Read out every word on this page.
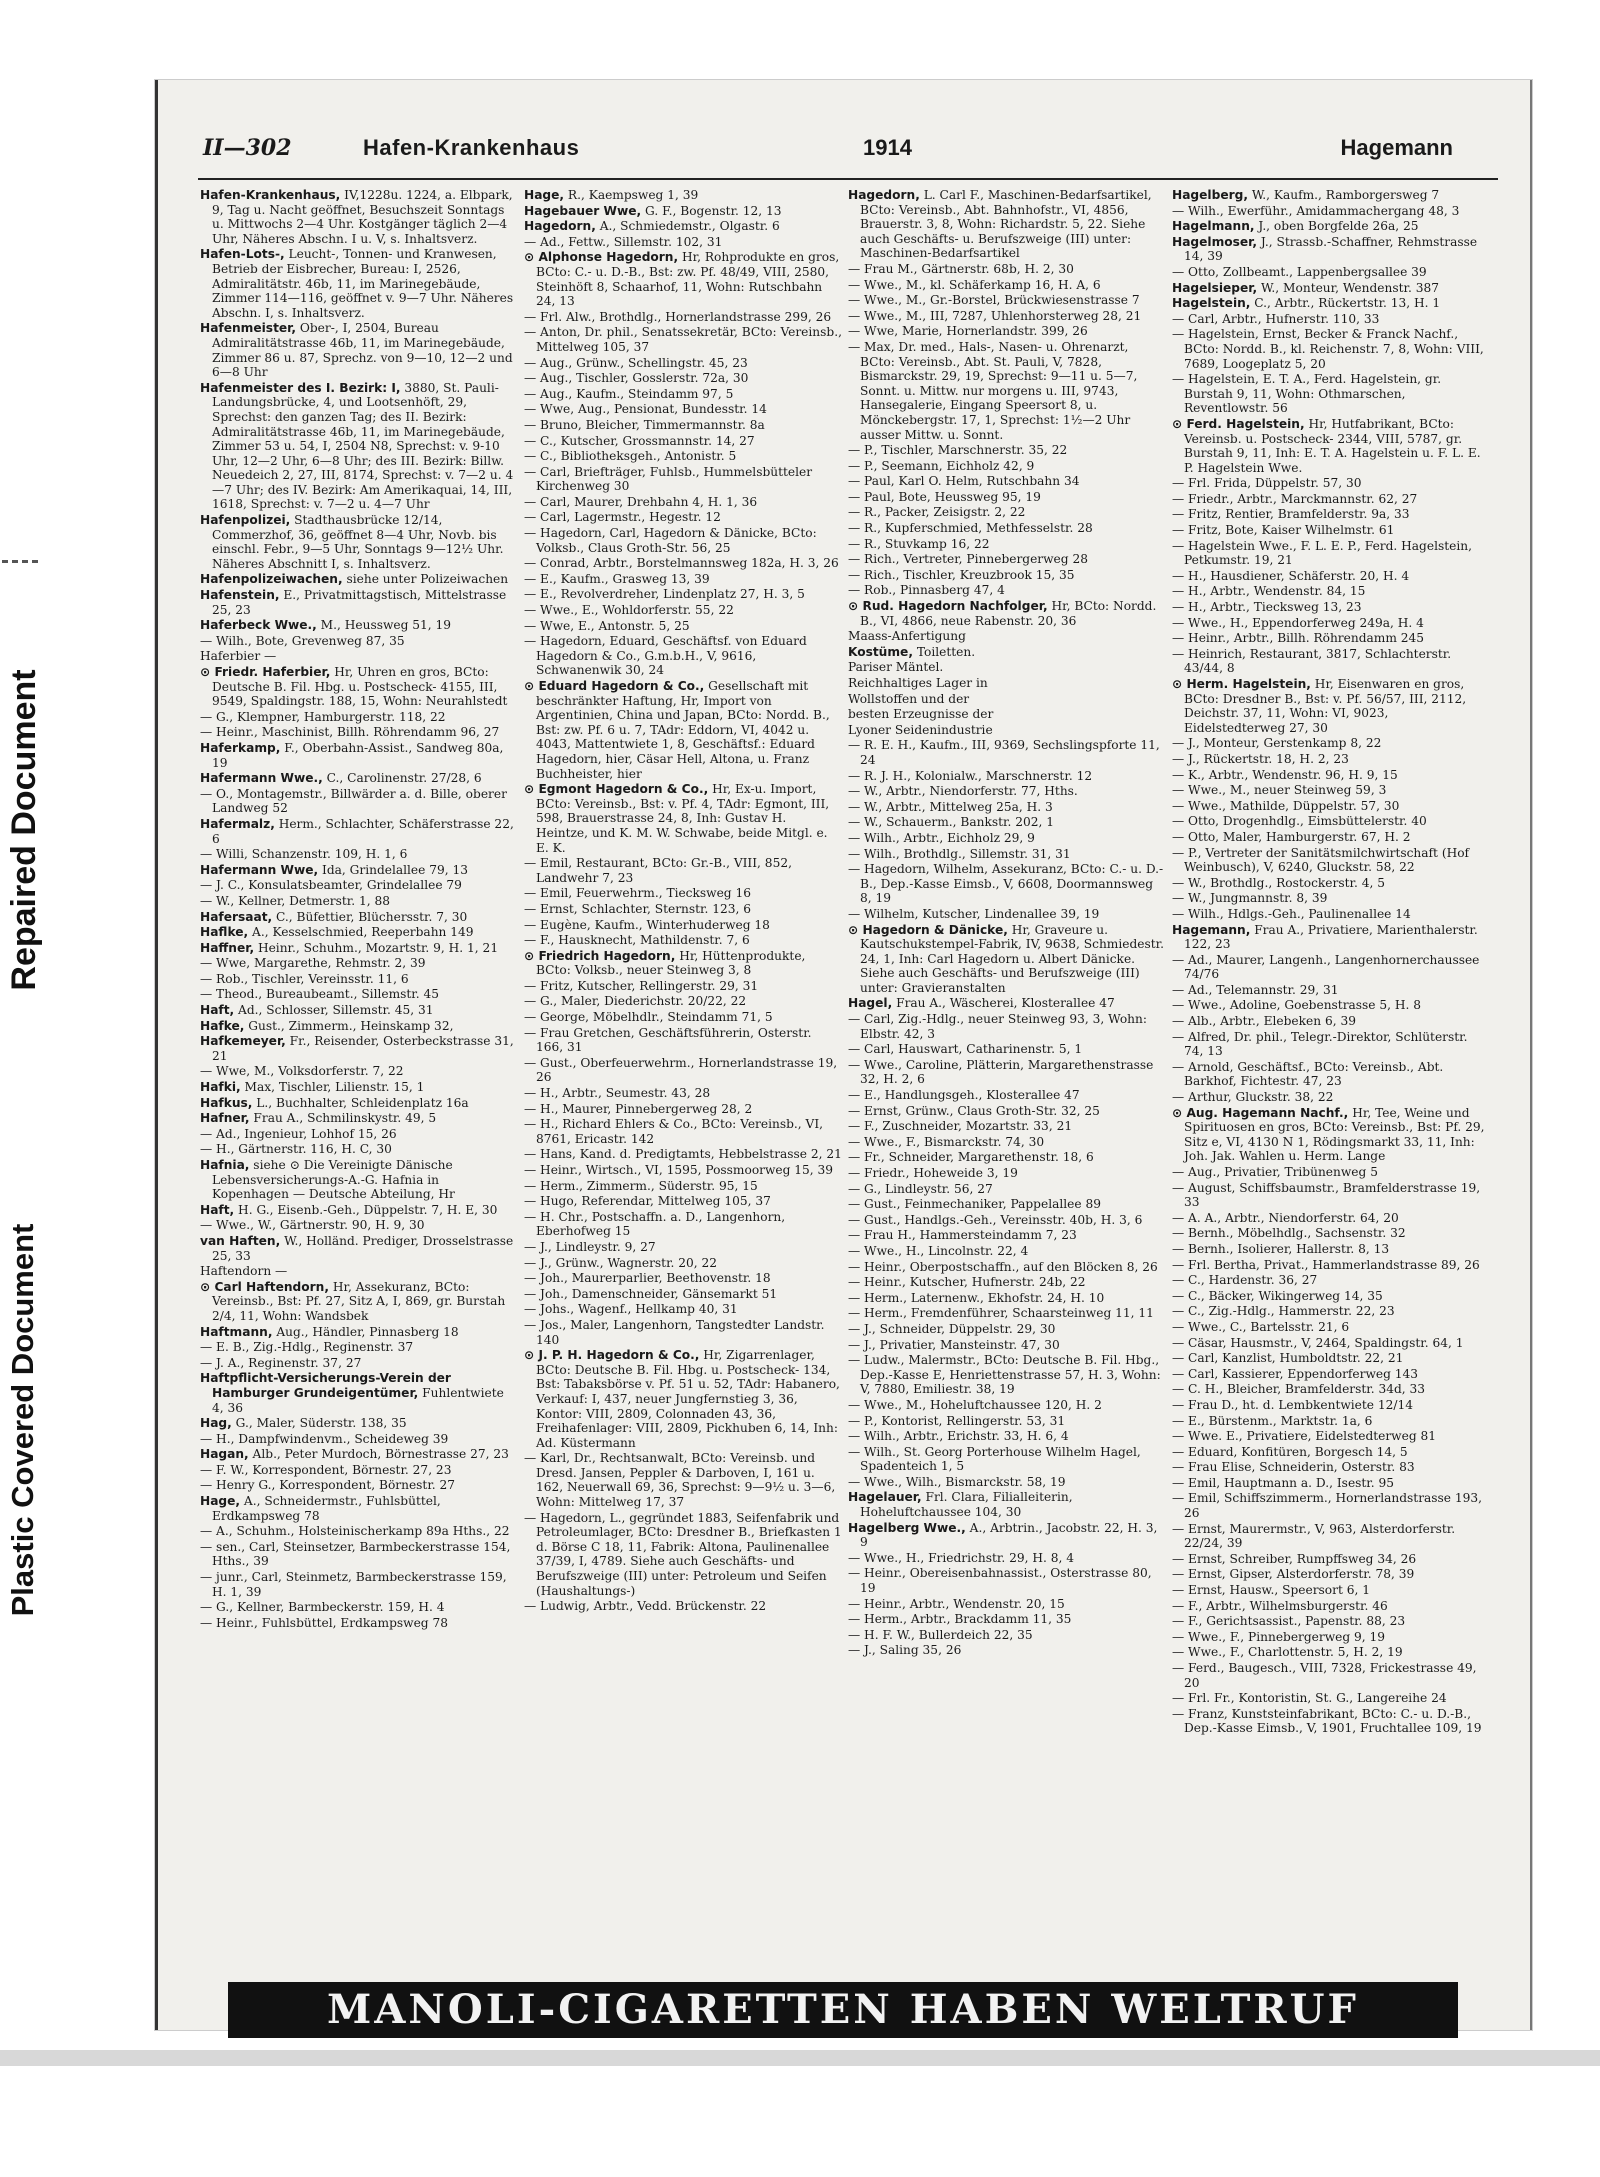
Repaired Document
Plastic Covered Document
II—302	Hafen-Krankenhaus	1914	Hagemann
Hafen-Krankenhaus, IV,1228u. 1224, a. Elbpark, 9, Tag u. Nacht geöffnet, Besuchszeit Sonntags u. Mittwochs 2—4 Uhr. Kostgänger täglich 2—4 Uhr, Näheres Abschn. I u. V, s. Inhaltsverz.
Hafen-Lots-, Leucht-, Tonnen- und Kranwesen, Betrieb der Eisbrecher, Bureau: I, 2526, Admiralitätstr. 46b, 11, im Marinegebäude, Zimmer 114—116, geöffnet v. 9—7 Uhr. Näheres Abschn. I, s. Inhaltsverz.
Hafenmeister, Ober-, I, 2504, Bureau Admiralitätstrasse 46b, 11, im Marinegebäude, Zimmer 86 u. 87, Sprechz. von 9—10, 12—2 und 6—8 Uhr
Hafenmeister des I. Bezirk: I, 3880, St. Pauli-Landungsbrücke, 4, und Lootsenhöft, 29, Sprechst: den ganzen Tag; des II. Bezirk: Admiralitätstrasse 46b, 11, im Marinegebäude, Zimmer 53 u. 54, I, 2504 N8, Sprechst: v. 9-10 Uhr, 12—2 Uhr, 6—8 Uhr; des III. Bezirk: Billw. Neuedeich 2, 27, III, 8174, Sprechst: v. 7—2 u. 4—7 Uhr; des IV. Bezirk: Am Amerikaquai, 14, III, 1618, Sprechst: v. 7—2 u. 4—7 Uhr
Hafenpolizei, Stadthausbrücke 12/14, Commerzhof, 36, geöffnet 8—4 Uhr, Novb. bis einschl. Febr., 9—5 Uhr, Sonntags 9—12½ Uhr. Näheres Abschnitt I, s. Inhaltsverz.
Hafenpolizeiwachen, siehe unter Polizeiwachen
Hafenstein, E., Privatmittagstisch, Mittelstrasse 25, 23
Haferbeck Wwe., M., Heussweg 51, 19
— Wilh., Bote, Grevenweg 87, 35
Haferbier —
⊙ Friedr. Haferbier, Hr, Uhren en gros, BCto: Deutsche B. Fil. Hbg. u. Postscheck- 4155, III, 9549, Spaldingstr. 188, 15, Wohn: Neurahlstedt
— G., Klempner, Hamburgerstr. 118, 22
— Heinr., Maschinist, Billh. Röhrendamm 96, 27
Haferkamp, F., Oberbahn-Assist., Sandweg 80a, 19
Hafermann Wwe., C., Carolinenstr. 27/28, 6
— O., Montagemstr., Billwärder a. d. Bille, oberer Landweg 52
Hafermalz, Herm., Schlachter, Schäferstrasse 22, 6
— Willi, Schanzenstr. 109, H. 1, 6
Hafermann Wwe, Ida, Grindelallee 79, 13
— J. C., Konsulatsbeamter, Grindelallee 79
— W., Kellner, Detmerstr. 1, 88
Hafersaat, C., Büfettier, Blüchersstr. 7, 30
Haflke, A., Kesselschmied, Reeperbahn 149
Haffner, Heinr., Schuhm., Mozartstr. 9, H. 1, 21
— Wwe, Margarethe, Rehmstr. 2, 39
— Rob., Tischler, Vereinsstr. 11, 6
— Theod., Bureaubeamt., Sillemstr. 45
Haft, Ad., Schlosser, Sillemstr. 45, 31
Hafke, Gust., Zimmerm., Heinskamp 32,
Hafkemeyer, Fr., Reisender, Osterbeckstrasse 31, 21
— Wwe, M., Volksdorferstr. 7, 22
Hafki, Max, Tischler, Lilienstr. 15, 1
Hafkus, L., Buchhalter, Schleidenplatz 16a
Hafner, Frau A., Schmilinskystr. 49, 5
— Ad., Ingenieur, Lohhof 15, 26
— H., Gärtnerstr. 116, H. C, 30
Hafnia, siehe ⊙ Die Vereinigte Dänische Lebensversicherungs-A.-G. Hafnia in Kopenhagen — Deutsche Abteilung, Hr
Haft, H. G., Eisenb.-Geh., Düppelstr. 7, H. E, 30
— Wwe., W., Gärtnerstr. 90, H. 9, 30
van Haften, W., Holländ. Prediger, Drosselstrasse 25, 33
Haftendorn —
⊙ Carl Haftendorn, Hr, Assekuranz, BCto: Vereinsb., Bst: Pf. 27, Sitz A, I, 869, gr. Burstah 2/4, 11, Wohn: Wandsbek
Haftmann, Aug., Händler, Pinnasberg 18
— E. B., Zig.-Hdlg., Reginenstr. 37
— J. A., Reginenstr. 37, 27
Haftpflicht-Versicherungs-Verein der Hamburger Grundeigentümer, Fuhlentwiete 4, 36
Hag, G., Maler, Süderstr. 138, 35
— H., Dampfwindenvm., Scheideweg 39
Hagan, Alb., Peter Murdoch, Börnestrasse 27, 23
— F. W., Korrespondent, Börnestr. 27, 23
— Henry G., Korrespondent, Börnestr. 27
Hage, A., Schneidermstr., Fuhlsbüttel, Erdkampsweg 78
— A., Schuhm., Holsteinischerkamp 89a Hths., 22
— sen., Carl, Steinsetzer, Barmbeckerstrasse 154, Hths., 39
— junr., Carl, Steinmetz, Barmbeckerstrasse 159, H. 1, 39
— G., Kellner, Barmbeckerstr. 159, H. 4
— Heinr., Fuhlsbüttel, Erdkampsweg 78
Hage, R., Kaempsweg 1, 39
Hagebauer Wwe, G. F., Bogenstr. 12, 13
Hagedorn, A., Schmiedemstr., Olgastr. 6
— Ad., Fettw., Sillemstr. 102, 31
⊙ Alphonse Hagedorn, Hr, Rohprodukte en gros, BCto: C.- u. D.-B., Bst: zw. Pf. 48/49, VIII, 2580, Steinhöft 8, Schaarhof, 11, Wohn: Rutschbahn 24, 13
— Frl. Alw., Brothdlg., Hornerlandstrasse 299, 26
— Anton, Dr. phil., Senatssekretär, BCto: Vereinsb., Mittelweg 105, 37
— Aug., Grünw., Schellingstr. 45, 23
— Aug., Tischler, Gosslerstr. 72a, 30
— Aug., Kaufm., Steindamm 97, 5
— Wwe, Aug., Pensionat, Bundesstr. 14
— Bruno, Bleicher, Timmermannstr. 8a
— C., Kutscher, Grossmannstr. 14, 27
— C., Bibliotheksgeh., Antonistr. 5
— Carl, Briefträger, Fuhlsb., Hummelsbütteler Kirchenweg 30
— Carl, Maurer, Drehbahn 4, H. 1, 36
— Carl, Lagermstr., Hegestr. 12
— Hagedorn, Carl, Hagedorn & Dänicke, BCto: Volksb., Claus Groth-Str. 56, 25
— Conrad, Arbtr., Borstelmannsweg 182a, H. 3, 26
— E., Kaufm., Grasweg 13, 39
— E., Revolverdreher, Lindenplatz 27, H. 3, 5
— Wwe., E., Wohldorferstr. 55, 22
— Wwe, E., Antonstr. 5, 25
— Hagedorn, Eduard, Geschäftsf. von Eduard Hagedorn & Co., G.m.b.H., V, 9616, Schwanenwik 30, 24
⊙ Eduard Hagedorn & Co., Gesellschaft mit beschränkter Haftung, Hr, Import von Argentinien, China und Japan, BCto: Nordd. B., Bst: zw. Pf. 6 u. 7, TAdr: Eddorn, VI, 4042 u. 4043, Mattentwiete 1, 8, Geschäftsf.: Eduard Hagedorn, hier, Cäsar Hell, Altona, u. Franz Buchheister, hier
⊙ Egmont Hagedorn & Co., Hr, Ex-u. Import, BCto: Vereinsb., Bst: v. Pf. 4, TAdr: Egmont, III, 598, Brauerstrasse 24, 8, Inh: Gustav H. Heintze, und K. M. W. Schwabe, beide Mitgl. e. E. K.
— Emil, Restaurant, BCto: Gr.-B., VIII, 852, Landwehr 7, 23
— Emil, Feuerwehrm., Tiecksweg 16
— Ernst, Schlachter, Sternstr. 123, 6
— Eugène, Kaufm., Winterhuderweg 18
— F., Hausknecht, Mathildenstr. 7, 6
⊙ Friedrich Hagedorn, Hr, Hüttenprodukte, BCto: Volksb., neuer Steinweg 3, 8
— Fritz, Kutscher, Rellingerstr. 29, 31
— G., Maler, Diederichstr. 20/22, 22
— George, Möbelhdlr., Steindamm 71, 5
— Frau Gretchen, Geschäftsführerin, Osterstr. 166, 31
— Gust., Oberfeuerwehrm., Hornerlandstrasse 19, 26
— H., Arbtr., Seumestr. 43, 28
— H., Maurer, Pinnebergerweg 28, 2
— H., Richard Ehlers & Co., BCto: Vereinsb., VI, 8761, Ericastr. 142
— Hans, Kand. d. Predigtamts, Hebbelstrasse 2, 21
— Heinr., Wirtsch., VI, 1595, Possmoorweg 15, 39
— Herm., Zimmerm., Süderstr. 95, 15
— Hugo, Referendar, Mittelweg 105, 37
— H. Chr., Postschaffn. a. D., Langenhorn, Eberhofweg 15
— J., Lindleystr. 9, 27
— J., Grünw., Wagnerstr. 20, 22
— Joh., Maurerparlier, Beethovenstr. 18
— Joh., Damenschneider, Gänsemarkt 51
— Johs., Wagenf., Hellkamp 40, 31
— Jos., Maler, Langenhorn, Tangstedter Landstr. 140
⊙ J. P. H. Hagedorn & Co., Hr, Zigarrenlager, BCto: Deutsche B. Fil. Hbg. u. Postscheck- 134, Bst: Tabaksbörse v. Pf. 51 u. 52, TAdr: Habanero, Verkauf: I, 437, neuer Jungfernstieg 3, 36, Kontor: VIII, 2809, Colonnaden 43, 36, Freihafenlager: VIII, 2809, Pickhuben 6, 14, Inh: Ad. Küstermann
— Karl, Dr., Rechtsanwalt, BCto: Vereinsb. und Dresd. Jansen, Peppler & Darboven, I, 161 u. 162, Neuerwall 69, 36, Sprechst: 9—9½ u. 3—6, Wohn: Mittelweg 17, 37
— Hagedorn, L., gegründet 1883, Seifenfabrik und Petroleumlager, BCto: Dresdner B., Briefkasten 1 d. Börse C 18, 11, Fabrik: Altona, Paulinenallee 37/39, I, 4789. Siehe auch Geschäfts- und Berufszweige (III) unter: Petroleum und Seifen (Haushaltungs-)
— Ludwig, Arbtr., Vedd. Brückenstr. 22
Hagedorn, L. Carl F., Maschinen-Bedarfsartikel, BCto: Vereinsb., Abt. Bahnhofstr., VI, 4856, Brauerstr. 3, 8, Wohn: Richardstr. 5, 22. Siehe auch Geschäfts- u. Berufszweige (III) unter: Maschinen-Bedarfsartikel
— Frau M., Gärtnerstr. 68b, H. 2, 30
— Wwe., M., kl. Schäferkamp 16, H. A, 6
— Wwe., M., Gr.-Borstel, Brückwiesenstrasse 7
— Wwe., M., III, 7287, Uhlenhorsterweg 28, 21
— Wwe, Marie, Hornerlandstr. 399, 26
— Max, Dr. med., Hals-, Nasen- u. Ohrenarzt, BCto: Vereinsb., Abt. St. Pauli, V, 7828, Bismarckstr. 29, 19, Sprechst: 9—11 u. 5—7, Sonnt. u. Mittw. nur morgens u. III, 9743, Hansegalerie, Eingang Speersort 8, u. Mönckebergstr. 17, 1, Sprechst: 1½—2 Uhr ausser Mittw. u. Sonnt.
— P., Tischler, Marschnerstr. 35, 22
— P., Seemann, Eichholz 42, 9
— Paul, Karl O. Helm, Rutschbahn 34
— Paul, Bote, Heussweg 95, 19
— R., Packer, Zeisigstr. 2, 22
— R., Kupferschmied, Methfesselstr. 28
— R., Stuvkamp 16, 22
— Rich., Vertreter, Pinnebergerweg 28
— Rich., Tischler, Kreuzbrook 15, 35
— Rob., Pinnasberg 47, 4
⊙ Rud. Hagedorn Nachfolger, Hr, BCto: Nordd. B., VI, 4866, neue Rabenstr. 20, 36
Maass-Anfertigung
Kostüme, Toiletten.
Pariser Mäntel.
Reichhaltiges Lager in
Wollstoffen und der
besten Erzeugnisse der
Lyoner Seidenindustrie
— R. E. H., Kaufm., III, 9369, Sechslingspforte 11, 24
— R. J. H., Kolonialw., Marschnerstr. 12
— W., Arbtr., Niendorferstr. 77, Hths.
— W., Arbtr., Mittelweg 25a, H. 3
— W., Schauerm., Bankstr. 202, 1
— Wilh., Arbtr., Eichholz 29, 9
— Wilh., Brothdlg., Sillemstr. 31, 31
— Hagedorn, Wilhelm, Assekuranz, BCto: C.- u. D.-B., Dep.-Kasse Eimsb., V, 6608, Doormannsweg 8, 19
— Wilhelm, Kutscher, Lindenallee 39, 19
⊙ Hagedorn & Dänicke, Hr, Graveure u. Kautschukstempel-Fabrik, IV, 9638, Schmiedestr. 24, 1, Inh: Carl Hagedorn u. Albert Dänicke. Siehe auch Geschäfts- und Berufszweige (III) unter: Gravieranstalten
Hagel, Frau A., Wäscherei, Klosterallee 47
— Carl, Zig.-Hdlg., neuer Steinweg 93, 3, Wohn: Elbstr. 42, 3
— Carl, Hauswart, Catharinenstr. 5, 1
— Wwe., Caroline, Plätterin, Margarethenstrasse 32, H. 2, 6
— E., Handlungsgeh., Klosterallee 47
— Ernst, Grünw., Claus Groth-Str. 32, 25
— F., Zuschneider, Mozartstr. 33, 21
— Wwe., F., Bismarckstr. 74, 30
— Fr., Schneider, Margarethenstr. 18, 6
— Friedr., Hoheweide 3, 19
— G., Lindleystr. 56, 27
— Gust., Feinmechaniker, Pappelallee 89
— Gust., Handlgs.-Geh., Vereinsstr. 40b, H. 3, 6
— Frau H., Hammersteindamm 7, 23
— Wwe., H., Lincolnstr. 22, 4
— Heinr., Oberpostschaffn., auf den Blöcken 8, 26
— Heinr., Kutscher, Hufnerstr. 24b, 22
— Herm., Laternenw., Ekhofstr. 24, H. 10
— Herm., Fremdenführer, Schaarsteinweg 11, 11
— J., Schneider, Düppelstr. 29, 30
— J., Privatier, Mansteinstr. 47, 30
— Ludw., Malermstr., BCto: Deutsche B. Fil. Hbg., Dep.-Kasse E, Henriettenstrasse 57, H. 3, Wohn: V, 7880, Emiliestr. 38, 19
— Wwe., M., Hoheluftchaussee 120, H. 2
— P., Kontorist, Rellingerstr. 53, 31
— Wilh., Arbtr., Erichstr. 33, H. 6, 4
— Wilh., St. Georg Porterhouse Wilhelm Hagel, Spadenteich 1, 5
— Wwe., Wilh., Bismarckstr. 58, 19
Hagelauer, Frl. Clara, Filialleiterin, Hoheluftchaussee 104, 30
Hagelberg Wwe., A., Arbtrin., Jacobstr. 22, H. 3, 9
— Wwe., H., Friedrichstr. 29, H. 8, 4
— Heinr., Obereisenbahnassist., Osterstrasse 80, 19
— Heinr., Arbtr., Wendenstr. 20, 15
— Herm., Arbtr., Brackdamm 11, 35
— H. F. W., Bullerdeich 22, 35
— J., Saling 35, 26
Hagelberg, W., Kaufm., Ramborgersweg 7
— Wilh., Ewerführ., Amidammachergang 48, 3
Hagelmann, J., oben Borgfelde 26a, 25
Hagelmoser, J., Strassb.-Schaffner, Rehmstrasse 14, 39
— Otto, Zollbeamt., Lappenbergsallee 39
Hagelsieper, W., Monteur, Wendenstr. 387
Hagelstein, C., Arbtr., Rückertstr. 13, H. 1
— Carl, Arbtr., Hufnerstr. 110, 33
— Hagelstein, Ernst, Becker & Franck Nachf., BCto: Nordd. B., kl. Reichenstr. 7, 8, Wohn: VIII, 7689, Loogeplatz 5, 20
— Hagelstein, E. T. A., Ferd. Hagelstein, gr. Burstah 9, 11, Wohn: Othmarschen, Reventlowstr. 56
⊙ Ferd. Hagelstein, Hr, Hutfabrikant, BCto: Vereinsb. u. Postscheck- 2344, VIII, 5787, gr. Burstah 9, 11, Inh: E. T. A. Hagelstein u. F. L. E. P. Hagelstein Wwe.
— Frl. Frida, Düppelstr. 57, 30
— Friedr., Arbtr., Marckmannstr. 62, 27
— Fritz, Rentier, Bramfelderstr. 9a, 33
— Fritz, Bote, Kaiser Wilhelmstr. 61
— Hagelstein Wwe., F. L. E. P., Ferd. Hagelstein, Petkumstr. 19, 21
— H., Hausdiener, Schäferstr. 20, H. 4
— H., Arbtr., Wendenstr. 84, 15
— H., Arbtr., Tiecksweg 13, 23
— Wwe., H., Eppendorferweg 249a, H. 4
— Heinr., Arbtr., Billh. Röhrendamm 245
— Heinrich, Restaurant, 3817, Schlachterstr. 43/44, 8
⊙ Herm. Hagelstein, Hr, Eisenwaren en gros, BCto: Dresdner B., Bst: v. Pf. 56/57, III, 2112, Deichstr. 37, 11, Wohn: VI, 9023, Eidelstedterweg 27, 30
— J., Monteur, Gerstenkamp 8, 22
— J., Rückertstr. 18, H. 2, 23
— K., Arbtr., Wendenstr. 96, H. 9, 15
— Wwe., M., neuer Steinweg 59, 3
— Wwe., Mathilde, Düppelstr. 57, 30
— Otto, Drogenhdlg., Eimsbüttelerstr. 40
— Otto, Maler, Hamburgerstr. 67, H. 2
— P., Vertreter der Sanitätsmilchwirtschaft (Hof Weinbusch), V, 6240, Gluckstr. 58, 22
— W., Brothdlg., Rostockerstr. 4, 5
— W., Jungmannstr. 8, 39
— Wilh., Hdlgs.-Geh., Paulinenallee 14
Hagemann, Frau A., Privatiere, Marienthalerstr. 122, 23
— Ad., Maurer, Langenh., Langenhornerchaussee 74/76
— Ad., Telemannstr. 29, 31
— Wwe., Adoline, Goebenstrasse 5, H. 8
— Alb., Arbtr., Elebeken 6, 39
— Alfred, Dr. phil., Telegr.-Direktor, Schlüterstr. 74, 13
— Arnold, Geschäftsf., BCto: Vereinsb., Abt. Barkhof, Fichtestr. 47, 23
— Arthur, Gluckstr. 38, 22
⊙ Aug. Hagemann Nachf., Hr, Tee, Weine und Spirituosen en gros, BCto: Vereinsb., Bst: Pf. 29, Sitz e, VI, 4130 N 1, Rödingsmarkt 33, 11, Inh: Joh. Jak. Wahlen u. Herm. Lange
— Aug., Privatier, Tribünenweg 5
— August, Schiffsbaumstr., Bramfelderstrasse 19, 33
— A. A., Arbtr., Niendorferstr. 64, 20
— Bernh., Möbelhdlg., Sachsenstr. 32
— Bernh., Isolierer, Hallerstr. 8, 13
— Frl. Bertha, Privat., Hammerlandstrasse 89, 26
— C., Hardenstr. 36, 27
— C., Bäcker, Wikingerweg 14, 35
— C., Zig.-Hdlg., Hammerstr. 22, 23
— Wwe., C., Bartelsstr. 21, 6
— Cäsar, Hausmstr., V, 2464, Spaldingstr. 64, 1
— Carl, Kanzlist, Humboldtstr. 22, 21
— Carl, Kassierer, Eppendorferweg 143
— C. H., Bleicher, Bramfelderstr. 34d, 33
— Frau D., ht. d. Lembkentwiete 12/14
— E., Bürstenm., Marktstr. 1a, 6
— Wwe. E., Privatiere, Eidelstedterweg 81
— Eduard, Konfitüren, Borgesch 14, 5
— Frau Elise, Schneiderin, Osterstr. 83
— Emil, Hauptmann a. D., Isestr. 95
— Emil, Schiffszimmerm., Hornerlandstrasse 193, 26
— Ernst, Maurermstr., V, 963, Alsterdorferstr. 22/24, 39
— Ernst, Schreiber, Rumpffsweg 34, 26
— Ernst, Gipser, Alsterdorferstr. 78, 39
— Ernst, Hausw., Speersort 6, 1
— F., Arbtr., Wilhelmsburgerstr. 46
— F., Gerichtsassist., Papenstr. 88, 23
— Wwe., F., Pinnebergerweg 9, 19
— Wwe., F., Charlottenstr. 5, H. 2, 19
— Ferd., Baugesch., VIII, 7328, Frickestrasse 49, 20
— Frl. Fr., Kontoristin, St. G., Langereihe 24
— Franz, Kunststeinfabrikant, BCto: C.- u. D.-B., Dep.-Kasse Eimsb., V, 1901, Fruchtallee 109, 19
MANOLI-CIGARETTEN HABEN WELTRUF
